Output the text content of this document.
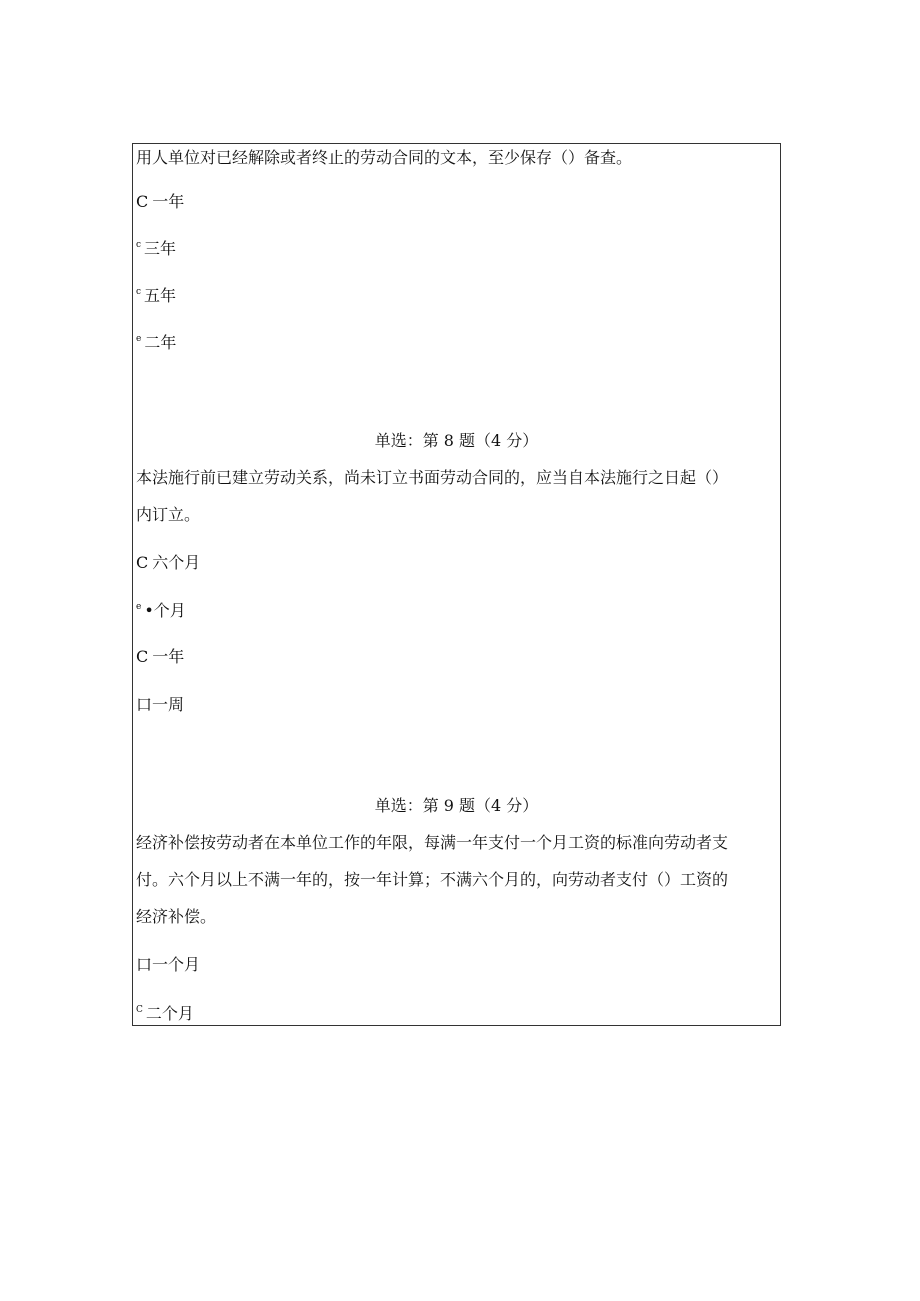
用人单位对已经解除或者终止的劳动合同的文本，至少保存（）备查。
C 一年
c 三年
c 五年
e 二年
单选：第 8 题（4 分）
本法施行前已建立劳动关系，尚未订立书面劳动合同的，应当自本法施行之日起（）
内订立。
C 六个月
e •个月
C 一年
口一周
单选：第 9 题（4 分）
经济补偿按劳动者在本单位工作的年限，每满一年支付一个月工资的标准向劳动者支
付。六个月以上不满一年的，按一年计算；不满六个月的，向劳动者支付（）工资的
经济补偿。
口一个月
C 二个月
